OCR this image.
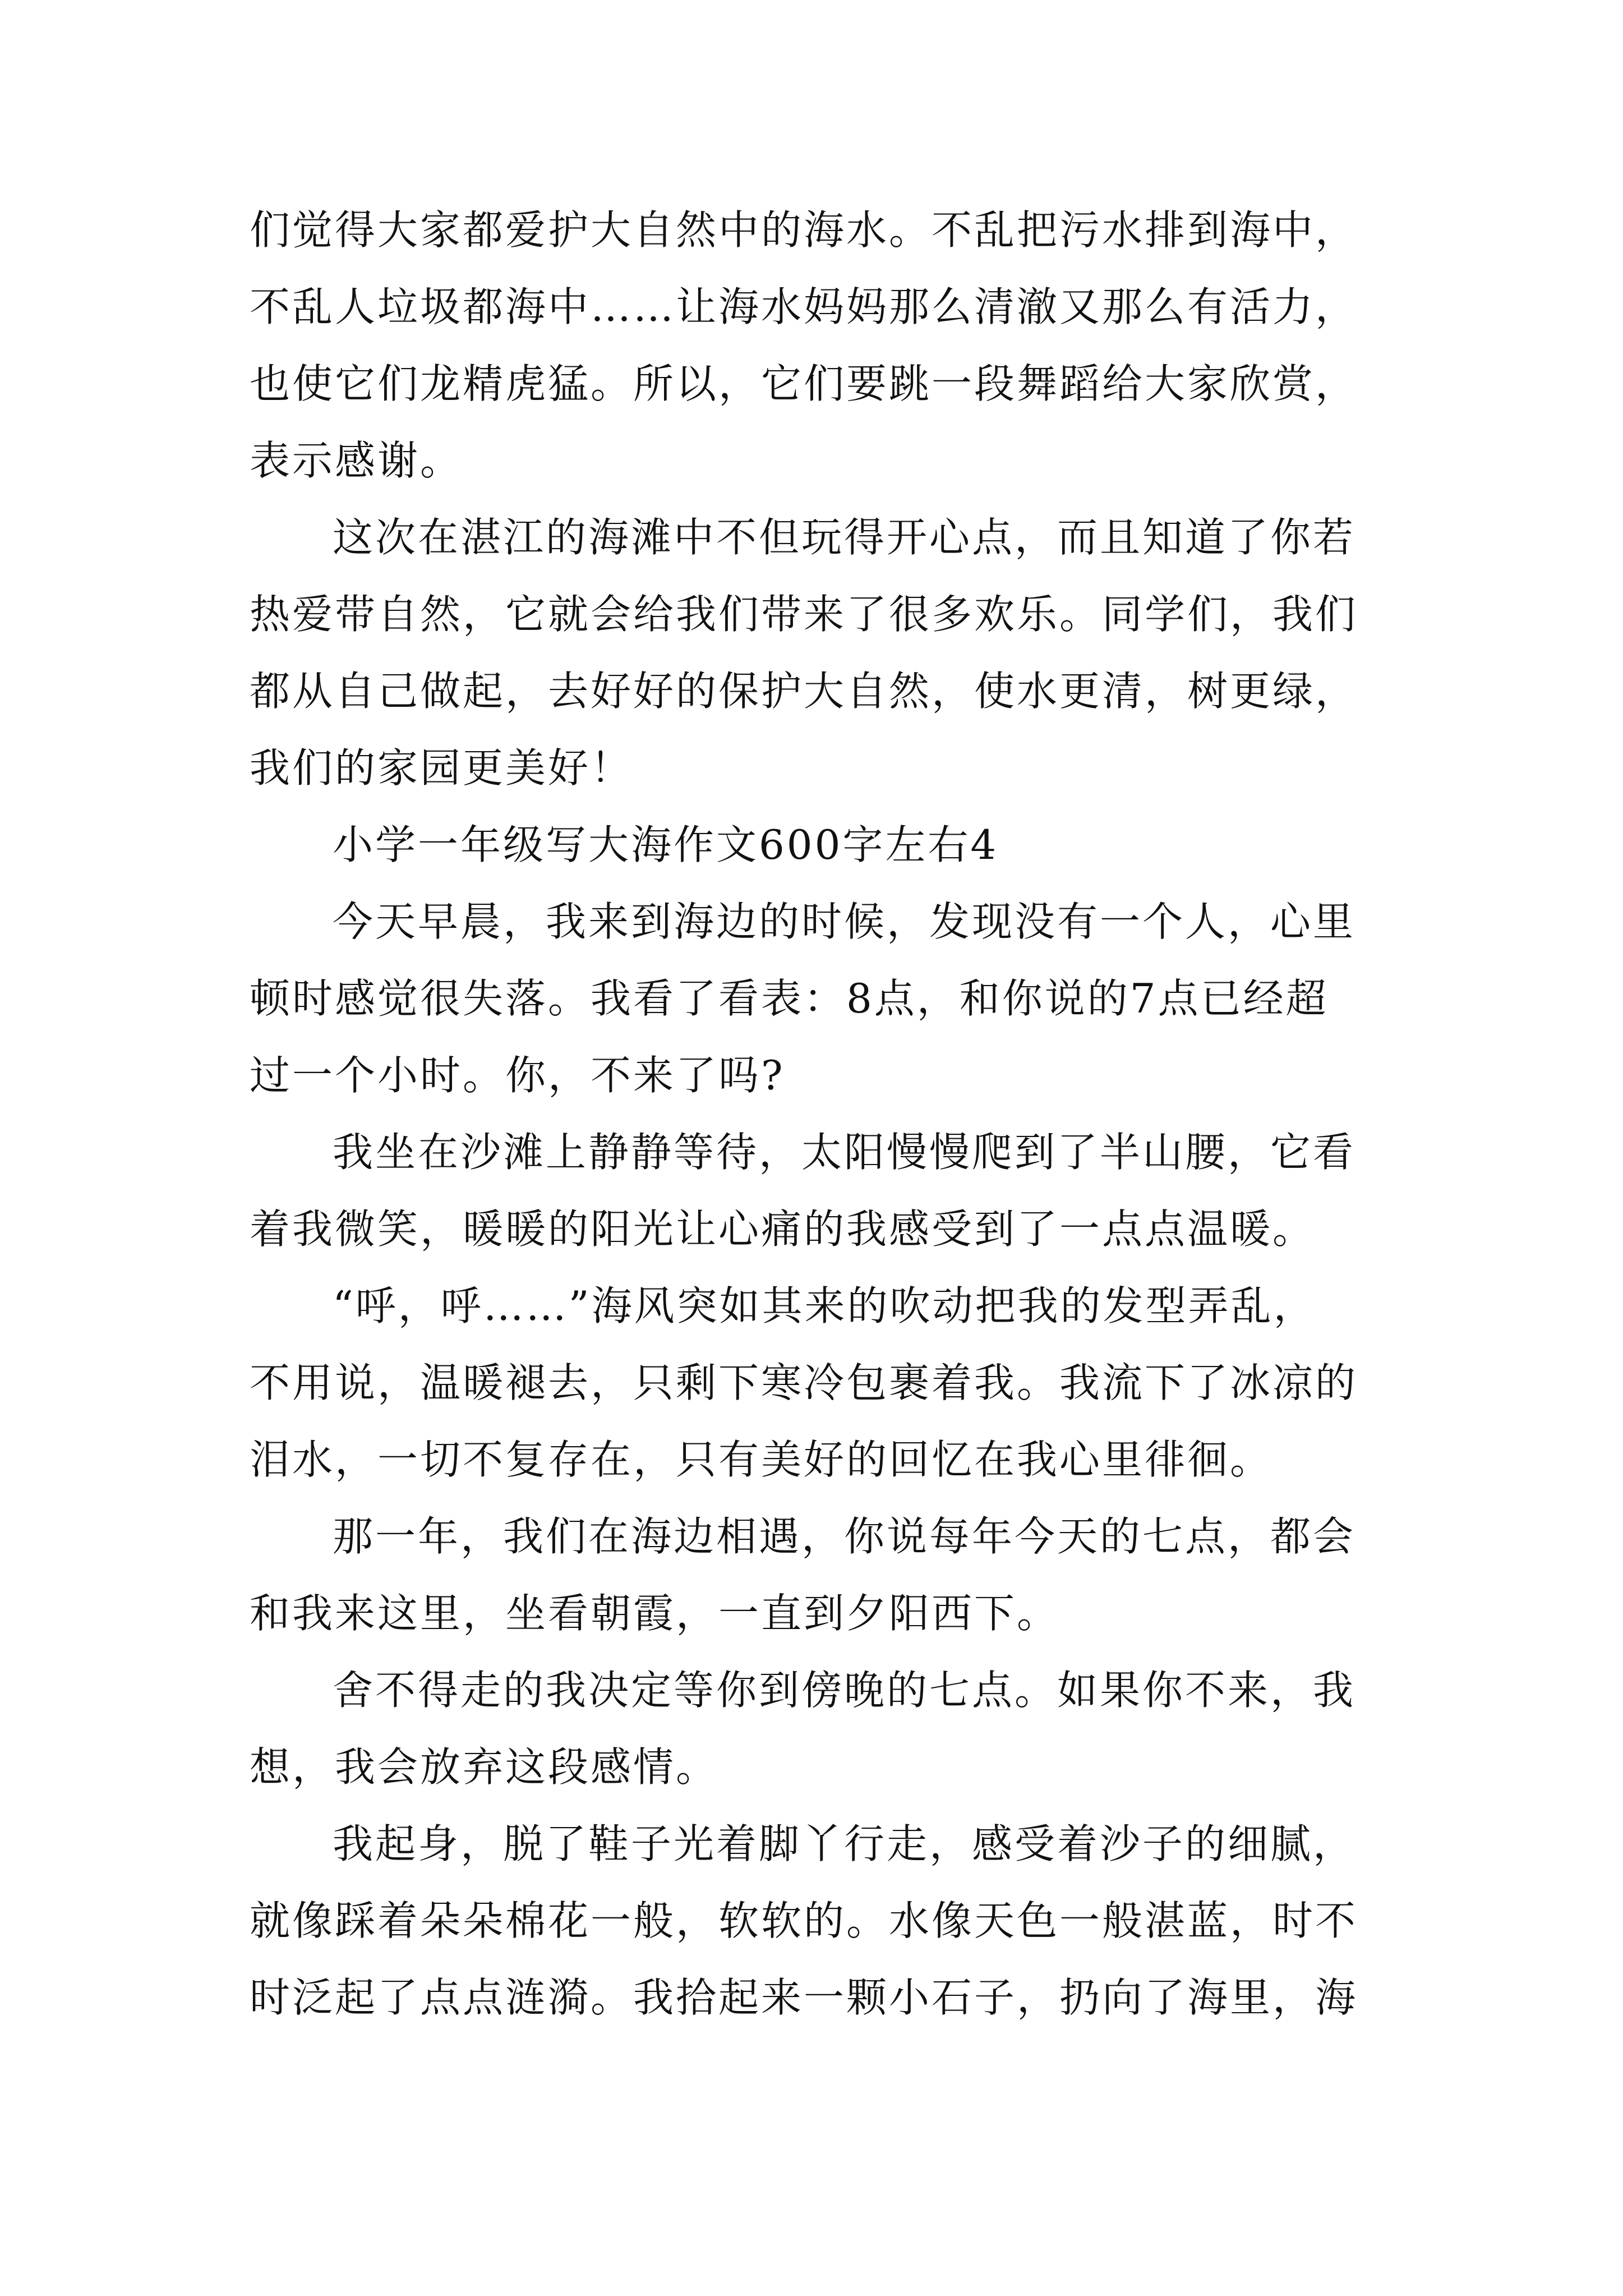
们觉得大家都爱护大自然中的海水。不乱把污水排到海中，
不乱人垃圾都海中……让海水妈妈那么清澈又那么有活力，
也使它们龙精虎猛。所以，它们要跳一段舞蹈给大家欣赏，
表示感谢。
这次在湛江的海滩中不但玩得开心点，而且知道了你若
热爱带自然，它就会给我们带来了很多欢乐。同学们，我们
都从自己做起，去好好的保护大自然，使水更清，树更绿，
我们的家园更美好！
小学一年级写大海作文600字左右4
今天早晨，我来到海边的时候，发现没有一个人，心里
顿时感觉很失落。我看了看表：8点，和你说的7点已经超
过一个小时。你，不来了吗?
我坐在沙滩上静静等待，太阳慢慢爬到了半山腰，它看
着我微笑，暖暖的阳光让心痛的我感受到了一点点温暖。
“呼，呼……”海风突如其来的吹动把我的发型弄乱，
不用说，温暖褪去，只剩下寒冷包裹着我。我流下了冰凉的
泪水，一切不复存在，只有美好的回忆在我心里徘徊。
那一年，我们在海边相遇，你说每年今天的七点，都会
和我来这里，坐看朝霞，一直到夕阳西下。
舍不得走的我决定等你到傍晚的七点。如果你不来，我
想，我会放弃这段感情。
我起身，脱了鞋子光着脚丫行走，感受着沙子的细腻，
就像踩着朵朵棉花一般，软软的。水像天色一般湛蓝，时不
时泛起了点点涟漪。我拾起来一颗小石子，扔向了海里，海
